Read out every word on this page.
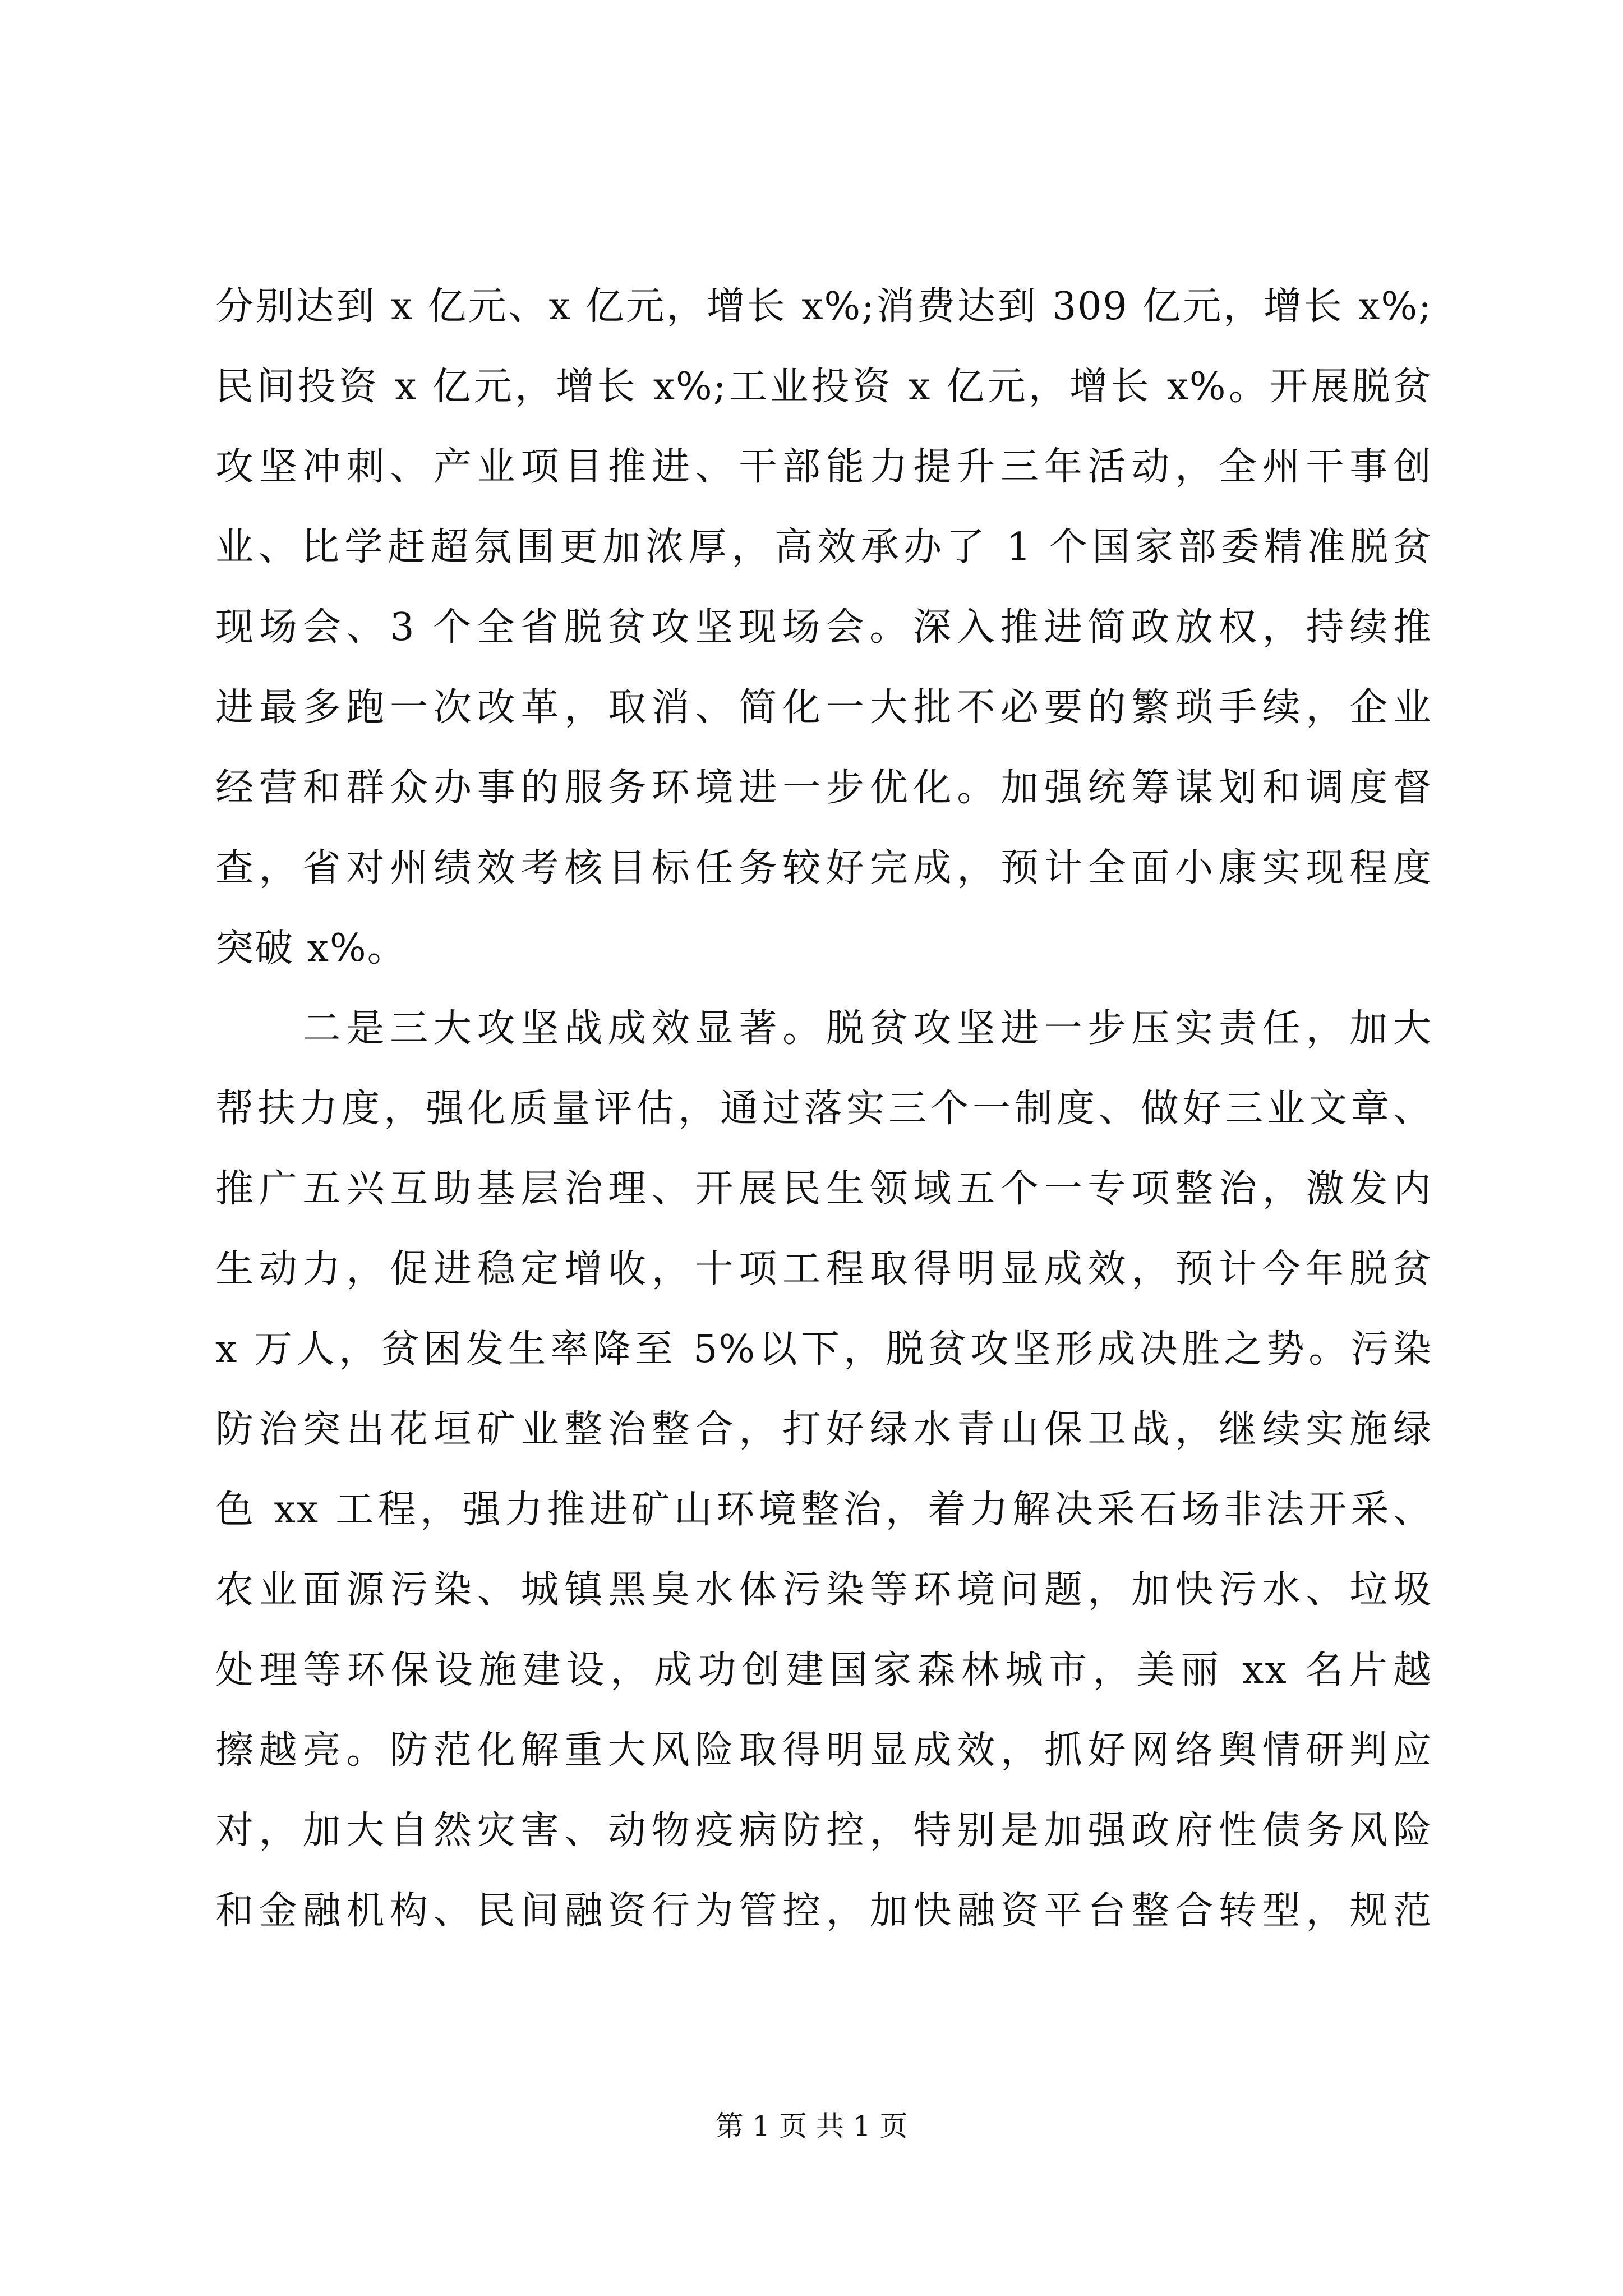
分别达到 x 亿元、x 亿元，增长 x%;消费达到 309 亿元，增长 x%;
民间投资 x 亿元，增长 x%;工业投资 x 亿元，增长 x%。开展脱贫
攻坚冲刺、产业项目推进、干部能力提升三年活动，全州干事创
业、比学赶超氛围更加浓厚，高效承办了 1 个国家部委精准脱贫
现场会、3 个全省脱贫攻坚现场会。深入推进简政放权，持续推
进最多跑一次改革，取消、简化一大批不必要的繁琐手续，企业
经营和群众办事的服务环境进一步优化。加强统筹谋划和调度督
查，省对州绩效考核目标任务较好完成，预计全面小康实现程度
突破 x%。
　　二是三大攻坚战成效显著。脱贫攻坚进一步压实责任，加大
帮扶力度，强化质量评估，通过落实三个一制度、做好三业文章、
推广五兴互助基层治理、开展民生领域五个一专项整治，激发内
生动力，促进稳定增收，十项工程取得明显成效，预计今年脱贫
x 万人，贫困发生率降至 5%以下，脱贫攻坚形成决胜之势。污染
防治突出花垣矿业整治整合，打好绿水青山保卫战，继续实施绿
色 xx 工程，强力推进矿山环境整治，着力解决采石场非法开采、
农业面源污染、城镇黑臭水体污染等环境问题，加快污水、垃圾
处理等环保设施建设，成功创建国家森林城市，美丽 xx 名片越
擦越亮。防范化解重大风险取得明显成效，抓好网络舆情研判应
对，加大自然灾害、动物疫病防控，特别是加强政府性债务风险
和金融机构、民间融资行为管控，加快融资平台整合转型，规范
第 1 页 共 1 页
